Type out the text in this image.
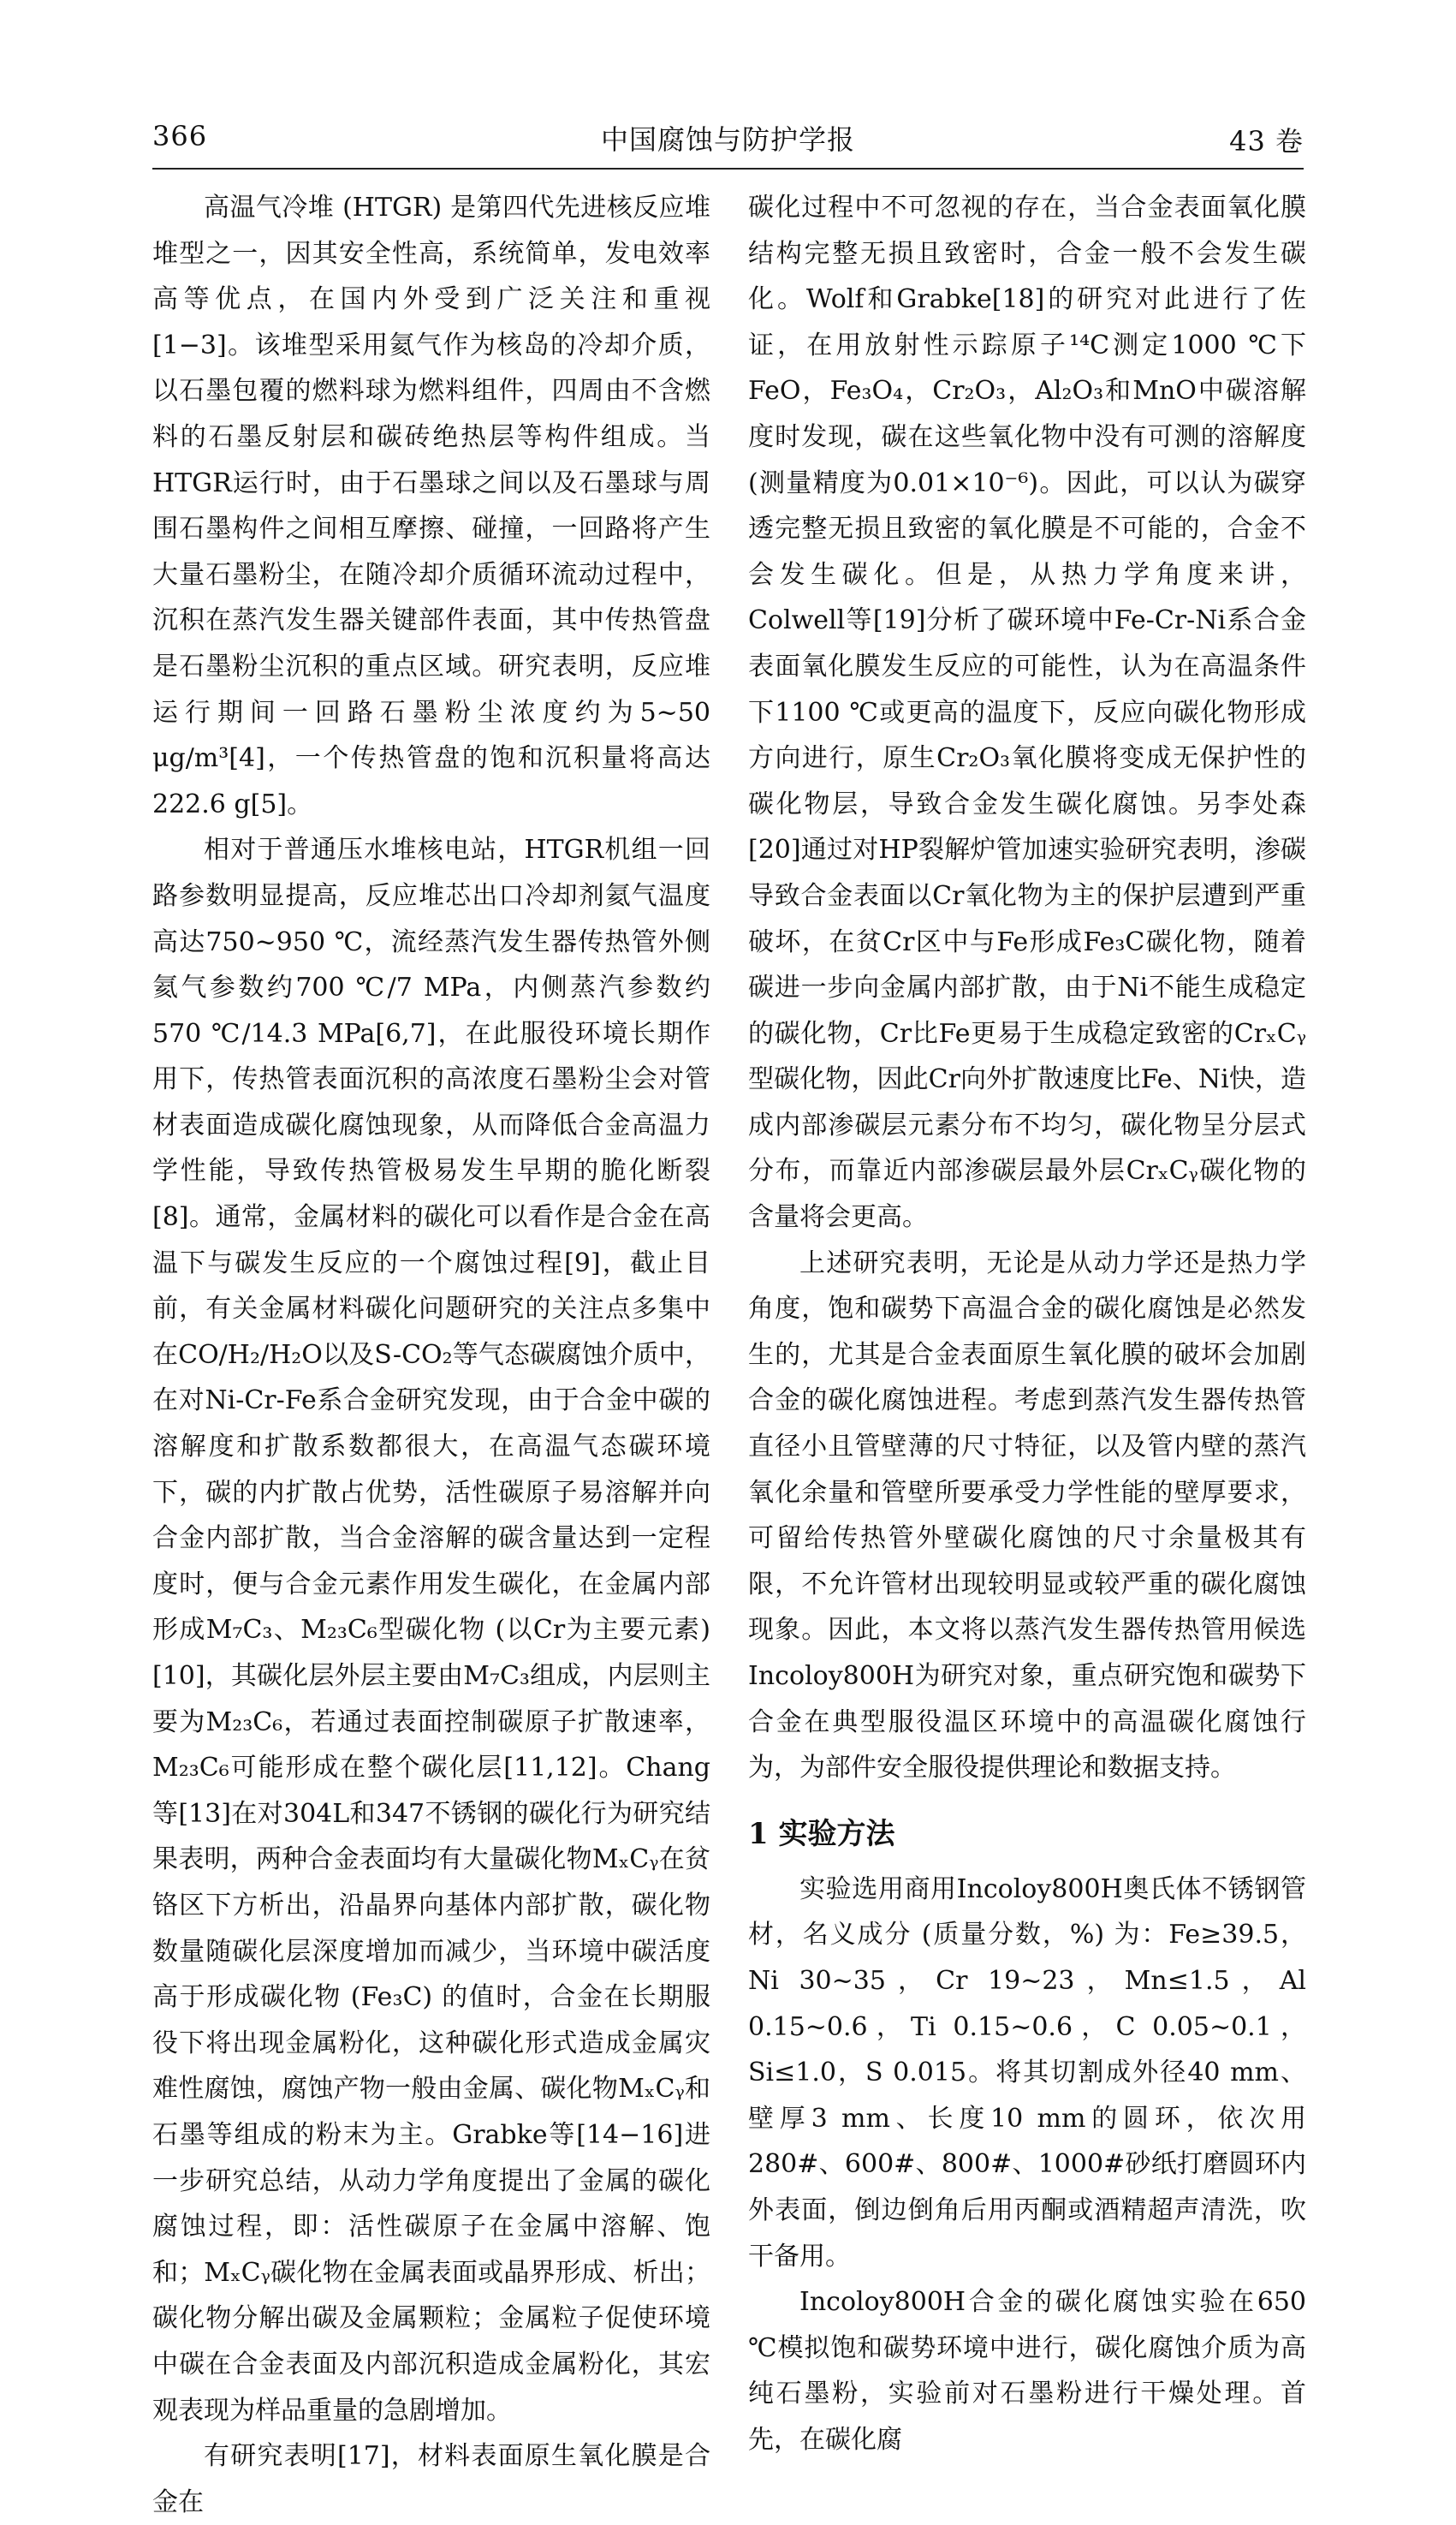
366	中国腐蚀与防护学报	43 卷

高温气冷堆 (HTGR) 是第四代先进核反应堆堆型之一，因其安全性高，系统简单，发电效率高等优点，在国内外受到广泛关注和重视[1−3]。该堆型采用氦气作为核岛的冷却介质，以石墨包覆的燃料球为燃料组件，四周由不含燃料的石墨反射层和碳砖绝热层等构件组成。当HTGR运行时，由于石墨球之间以及石墨球与周围石墨构件之间相互摩擦、碰撞，一回路将产生大量石墨粉尘，在随冷却介质循环流动过程中，沉积在蒸汽发生器关键部件表面，其中传热管盘是石墨粉尘沉积的重点区域。研究表明，反应堆运行期间一回路石墨粉尘浓度约为5~50 μg/m³[4]，一个传热管盘的饱和沉积量将高达222.6 g[5]。

相对于普通压水堆核电站，HTGR机组一回路参数明显提高，反应堆芯出口冷却剂氦气温度高达750~950 ℃，流经蒸汽发生器传热管外侧氦气参数约700 ℃/7 MPa，内侧蒸汽参数约570 ℃/14.3 MPa[6,7]，在此服役环境长期作用下，传热管表面沉积的高浓度石墨粉尘会对管材表面造成碳化腐蚀现象，从而降低合金高温力学性能，导致传热管极易发生早期的脆化断裂[8]。通常，金属材料的碳化可以看作是合金在高温下与碳发生反应的一个腐蚀过程[9]，截止目前，有关金属材料碳化问题研究的关注点多集中在CO/H₂/H₂O以及S-CO₂等气态碳腐蚀介质中，在对Ni-Cr-Fe系合金研究发现，由于合金中碳的溶解度和扩散系数都很大，在高温气态碳环境下，碳的内扩散占优势，活性碳原子易溶解并向合金内部扩散，当合金溶解的碳含量达到一定程度时，便与合金元素作用发生碳化，在金属内部形成M₇C₃、M₂₃C₆型碳化物 (以Cr为主要元素)[10]，其碳化层外层主要由M₇C₃组成，内层则主要为M₂₃C₆，若通过表面控制碳原子扩散速率，M₂₃C₆可能形成在整个碳化层[11,12]。Chang等[13]在对304L和347不锈钢的碳化行为研究结果表明，两种合金表面均有大量碳化物MₓCᵧ在贫铬区下方析出，沿晶界向基体内部扩散，碳化物数量随碳化层深度增加而减少，当环境中碳活度高于形成碳化物 (Fe₃C) 的值时，合金在长期服役下将出现金属粉化，这种碳化形式造成金属灾难性腐蚀，腐蚀产物一般由金属、碳化物MₓCᵧ和石墨等组成的粉末为主。Grabke等[14−16]进一步研究总结，从动力学角度提出了金属的碳化腐蚀过程，即：活性碳原子在金属中溶解、饱和；MₓCᵧ碳化物在金属表面或晶界形成、析出；碳化物分解出碳及金属颗粒；金属粒子促使环境中碳在合金表面及内部沉积造成金属粉化，其宏观表现为样品重量的急剧增加。

有研究表明[17]，材料表面原生氧化膜是合金在

碳化过程中不可忽视的存在，当合金表面氧化膜结构完整无损且致密时，合金一般不会发生碳化。Wolf和Grabke[18]的研究对此进行了佐证，在用放射性示踪原子¹⁴C测定1000 ℃下FeO，Fe₃O₄，Cr₂O₃，Al₂O₃和MnO中碳溶解度时发现，碳在这些氧化物中没有可测的溶解度 (测量精度为0.01×10⁻⁶)。因此，可以认为碳穿透完整无损且致密的氧化膜是不可能的，合金不会发生碳化。但是，从热力学角度来讲，Colwell等[19]分析了碳环境中Fe-Cr-Ni系合金表面氧化膜发生反应的可能性，认为在高温条件下1100 ℃或更高的温度下，反应向碳化物形成方向进行，原生Cr₂O₃氧化膜将变成无保护性的碳化物层，导致合金发生碳化腐蚀。另李处森[20]通过对HP裂解炉管加速实验研究表明，渗碳导致合金表面以Cr氧化物为主的保护层遭到严重破坏，在贫Cr区中与Fe形成Fe₃C碳化物，随着碳进一步向金属内部扩散，由于Ni不能生成稳定的碳化物，Cr比Fe更易于生成稳定致密的CrₓCᵧ型碳化物，因此Cr向外扩散速度比Fe、Ni快，造成内部渗碳层元素分布不均匀，碳化物呈分层式分布，而靠近内部渗碳层最外层CrₓCᵧ碳化物的含量将会更高。

上述研究表明，无论是从动力学还是热力学角度，饱和碳势下高温合金的碳化腐蚀是必然发生的，尤其是合金表面原生氧化膜的破坏会加剧合金的碳化腐蚀进程。考虑到蒸汽发生器传热管直径小且管壁薄的尺寸特征，以及管内壁的蒸汽氧化余量和管壁所要承受力学性能的壁厚要求，可留给传热管外壁碳化腐蚀的尺寸余量极其有限，不允许管材出现较明显或较严重的碳化腐蚀现象。因此，本文将以蒸汽发生器传热管用候选Incoloy800H为研究对象，重点研究饱和碳势下合金在典型服役温区环境中的高温碳化腐蚀行为，为部件安全服役提供理论和数据支持。

1 实验方法

实验选用商用Incoloy800H奥氏体不锈钢管材，名义成分 (质量分数，%) 为：Fe≥39.5，Ni 30~35，Cr 19~23，Mn≤1.5，Al 0.15~0.6，Ti 0.15~0.6，C 0.05~0.1，Si≤1.0，S 0.015。将其切割成外径40 mm、壁厚3 mm、长度10 mm的圆环，依次用280#、600#、800#、1000#砂纸打磨圆环内外表面，倒边倒角后用丙酮或酒精超声清洗，吹干备用。

Incoloy800H合金的碳化腐蚀实验在650 ℃模拟饱和碳势环境中进行，碳化腐蚀介质为高纯石墨粉，实验前对石墨粉进行干燥处理。首先，在碳化腐
